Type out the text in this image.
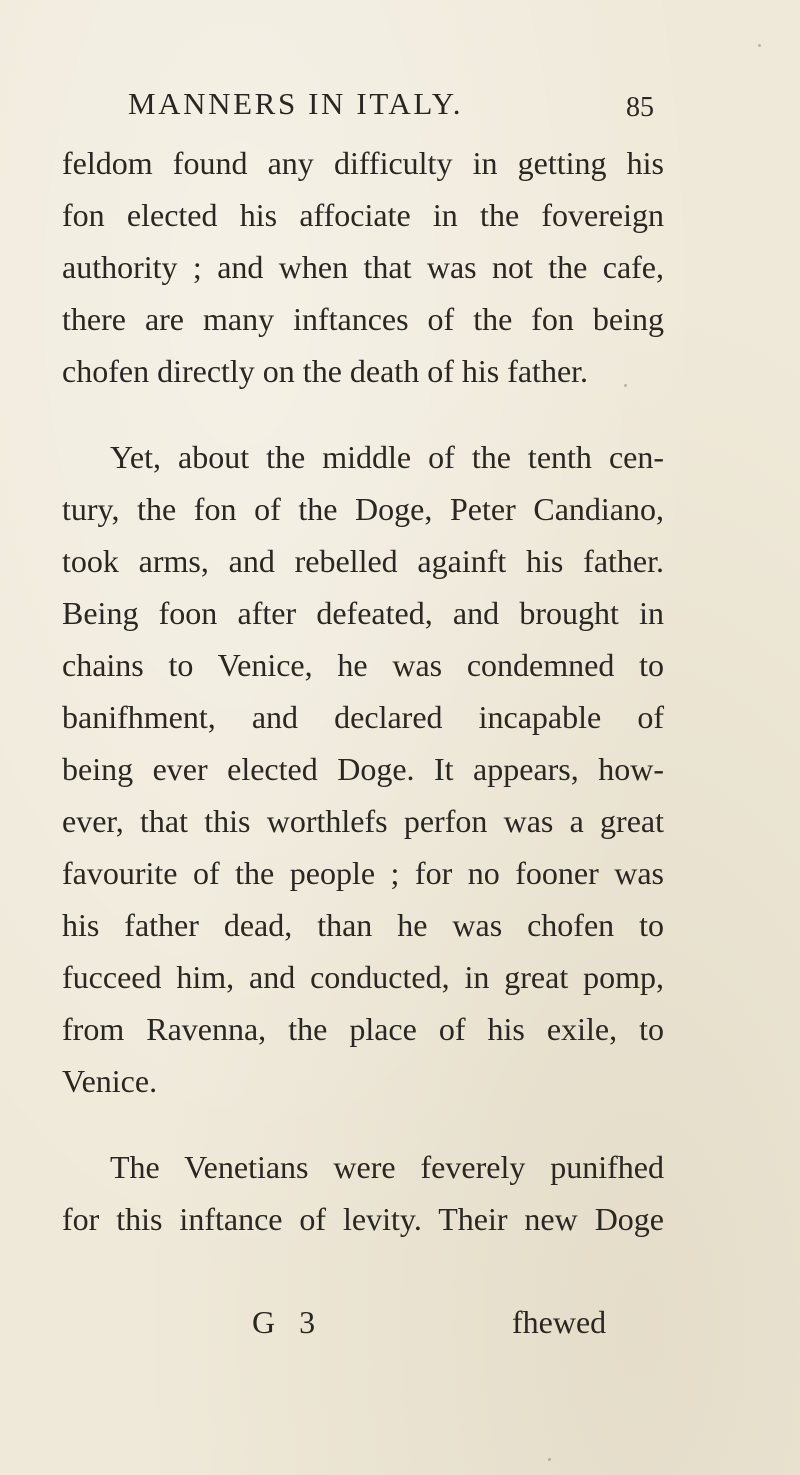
MANNERS IN ITALY.	85
feldom found any difficulty in getting his
fon elected his affociate in the fovereign
authority ; and when that was not the cafe,
there are many inftances of the fon being
chofen directly on the death of his father.
Yet, about the middle of the tenth cen-
tury, the fon of the Doge, Peter Candiano,
took arms, and rebelled againft his father.
Being foon after defeated, and brought in
chains to Venice, he was condemned to
banifhment, and declared incapable of
being ever elected Doge. It appears, how-
ever, that this worthlefs perfon was a great
favourite of the people ; for no fooner was
his father dead, than he was chofen to
fucceed him, and conducted, in great pomp,
from Ravenna, the place of his exile, to
Venice.
The Venetians were feverely punifhed
for this inftance of levity. Their new Doge
G 3	fhewed
